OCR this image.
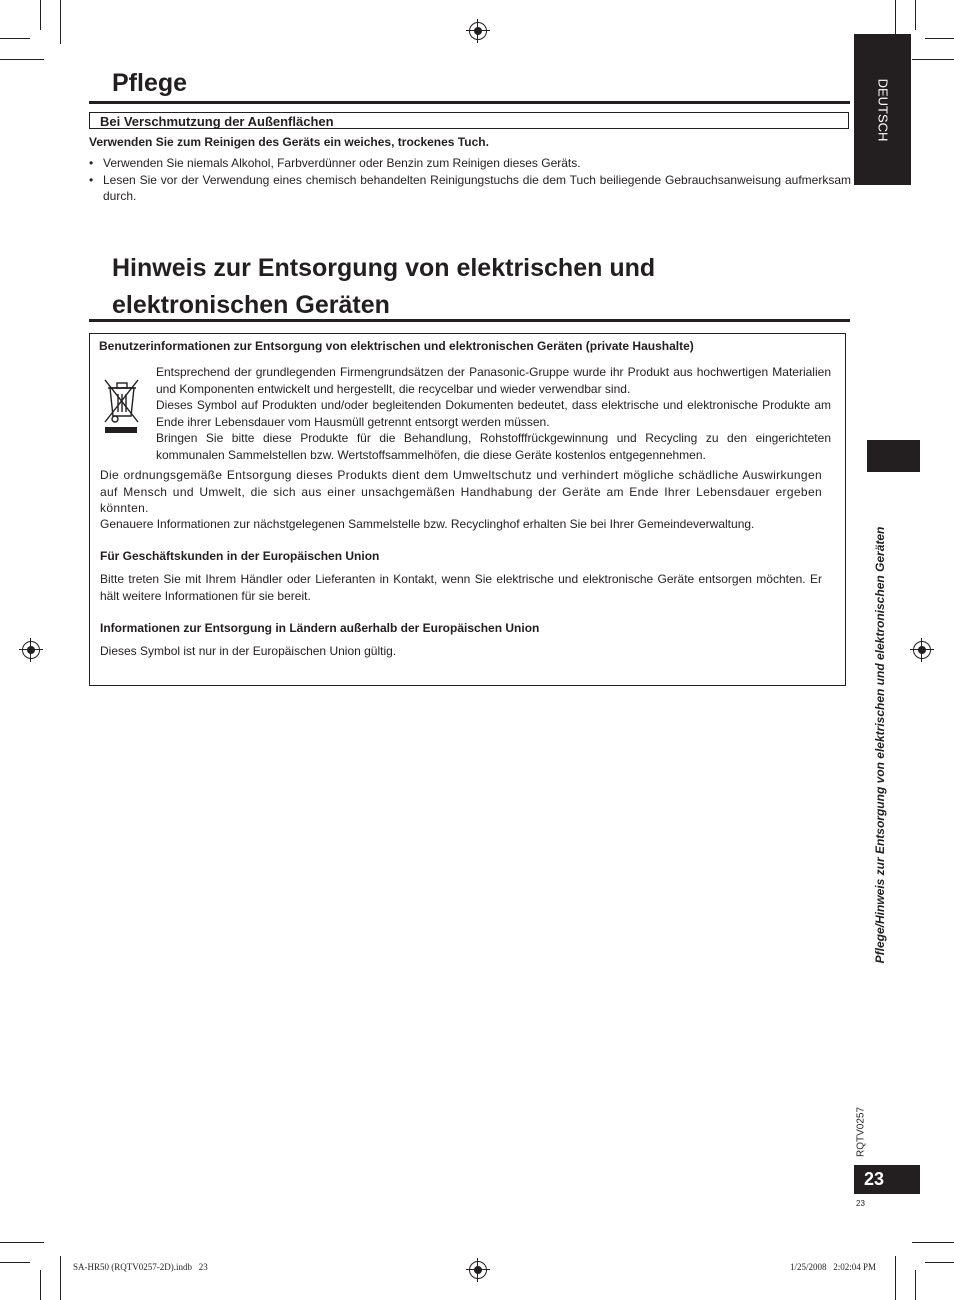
Pflege
Bei Verschmutzung der Außenflächen
Verwenden Sie zum Reinigen des Geräts ein weiches, trockenes Tuch.
• Verwenden Sie niemals Alkohol, Farbverdünner oder Benzin zum Reinigen dieses Geräts.
• Lesen Sie vor der Verwendung eines chemisch behandelten Reinigungstuchs die dem Tuch beiliegende Gebrauchsanweisung aufmerksam durch.
Hinweis zur Entsorgung von elektrischen und
elektronischen Geräten
Benutzerinformationen zur Entsorgung von elektrischen und elektronischen Geräten (private Haushalte)
Entsprechend der grundlegenden Firmengrundsätzen der Panasonic-Gruppe wurde ihr Produkt aus hochwertigen Materialien und Komponenten entwickelt und hergestellt, die recycelbar und wieder verwendbar sind.
Dieses Symbol auf Produkten und/oder begleitenden Dokumenten bedeutet, dass elektrische und elektronische Produkte am Ende ihrer Lebensdauer vom Hausmüll getrennt entsorgt werden müssen.
Bringen Sie bitte diese Produkte für die Behandlung, Rohstofffrückgewinnung und Recycling zu den eingerichteten kommunalen Sammelstellen bzw. Wertstoffsammelhöfen, die diese Geräte kostenlos entgegennehmen.
Die ordnungsgemäße Entsorgung dieses Produkts dient dem Umweltschutz und verhindert mögliche schädliche Auswirkungen auf Mensch und Umwelt, die sich aus einer unsachgemäßen Handhabung der Geräte am Ende Ihrer Lebensdauer ergeben könnten.
Genauere Informationen zur nächstgelegenen Sammelstelle bzw. Recyclinghof erhalten Sie bei Ihrer Gemeindeverwaltung.
Für Geschäftskunden in der Europäischen Union
Bitte treten Sie mit Ihrem Händler oder Lieferanten in Kontakt, wenn Sie elektrische und elektronische Geräte entsorgen möchten. Er hält weitere Informationen für sie bereit.
Informationen zur Entsorgung in Ländern außerhalb der Europäischen Union
Dieses Symbol ist nur in der Europäischen Union gültig.
DEUTSCH
Pflege/Hinweis zur Entsorgung von elektrischen und elektronischen Geräten
RQTV0257
23
23
SA-HR50 (RQTV0257-2D).indb   23	1/25/2008   2:02:04 PM
